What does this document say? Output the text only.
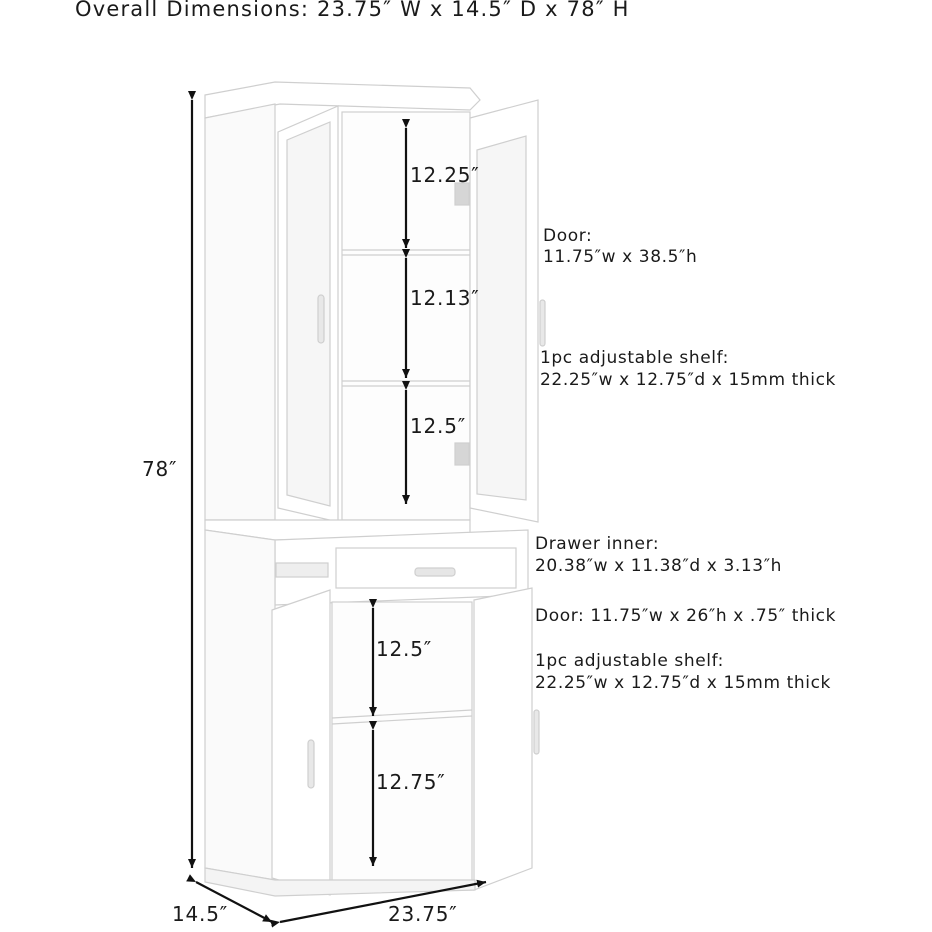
Overall Dimensions: 23.75″ W x 14.5″ D x 78″ H
78″
14.5″	23.75″
12.25″
12.13″
12.5″
12.5″
12.75″
Door:
11.75″w x 38.5″h
1pc adjustable shelf:
22.25″w x 12.75″d x 15mm thick
Drawer inner:
20.38″w x 11.38″d x 3.13″h
Door: 11.75″w x 26″h x .75″ thick
1pc adjustable shelf:
22.25″w x 12.75″d x 15mm thick
